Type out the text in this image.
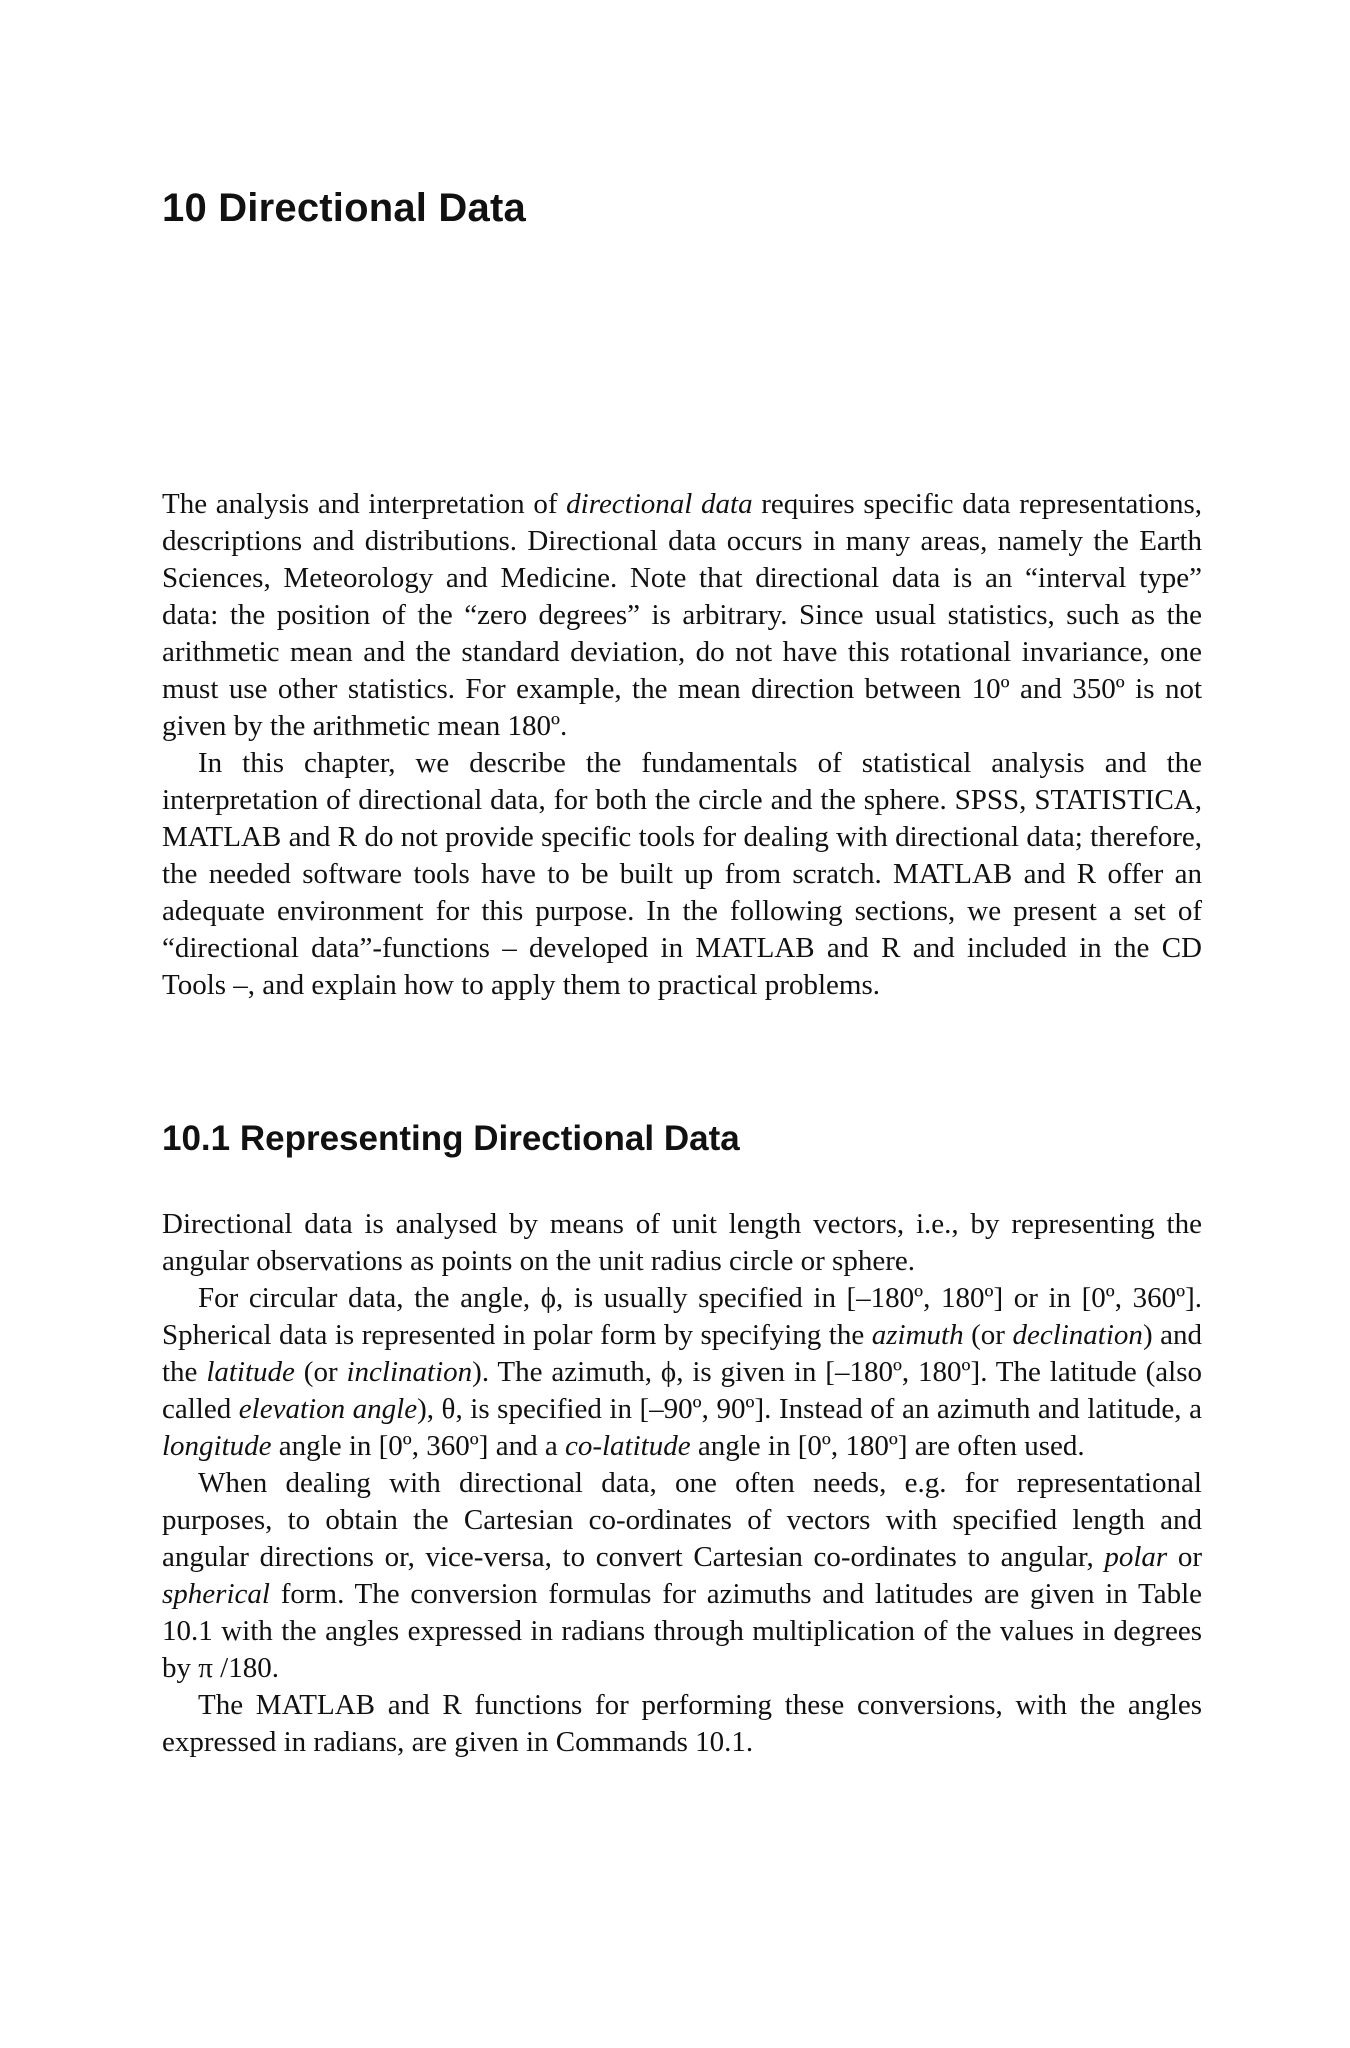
10 Directional Data

The analysis and interpretation of directional data requires specific data representations, descriptions and distributions. Directional data occurs in many areas, namely the Earth Sciences, Meteorology and Medicine. Note that directional data is an “interval type” data: the position of the “zero degrees” is arbitrary. Since usual statistics, such as the arithmetic mean and the standard deviation, do not have this rotational invariance, one must use other statistics. For example, the mean direction between 10º and 350º is not given by the arithmetic mean 180º.

In this chapter, we describe the fundamentals of statistical analysis and the interpretation of directional data, for both the circle and the sphere. SPSS, STATISTICA, MATLAB and R do not provide specific tools for dealing with directional data; therefore, the needed software tools have to be built up from scratch. MATLAB and R offer an adequate environment for this purpose. In the following sections, we present a set of “directional data”-functions – developed in MATLAB and R and included in the CD Tools –, and explain how to apply them to practical problems.

10.1 Representing Directional Data

Directional data is analysed by means of unit length vectors, i.e., by representing the angular observations as points on the unit radius circle or sphere.

For circular data, the angle, ϕ, is usually specified in [–180º, 180º] or in [0º, 360º]. Spherical data is represented in polar form by specifying the azimuth (or declination) and the latitude (or inclination). The azimuth, ϕ, is given in [–180º, 180º]. The latitude (also called elevation angle), θ, is specified in [–90º, 90º]. Instead of an azimuth and latitude, a longitude angle in [0º, 360º] and a co-latitude angle in [0º, 180º] are often used.

When dealing with directional data, one often needs, e.g. for representational purposes, to obtain the Cartesian co-ordinates of vectors with specified length and angular directions or, vice-versa, to convert Cartesian co-ordinates to angular, polar or spherical form. The conversion formulas for azimuths and latitudes are given in Table 10.1 with the angles expressed in radians through multiplication of the values in degrees by π /180.

The MATLAB and R functions for performing these conversions, with the angles expressed in radians, are given in Commands 10.1.
